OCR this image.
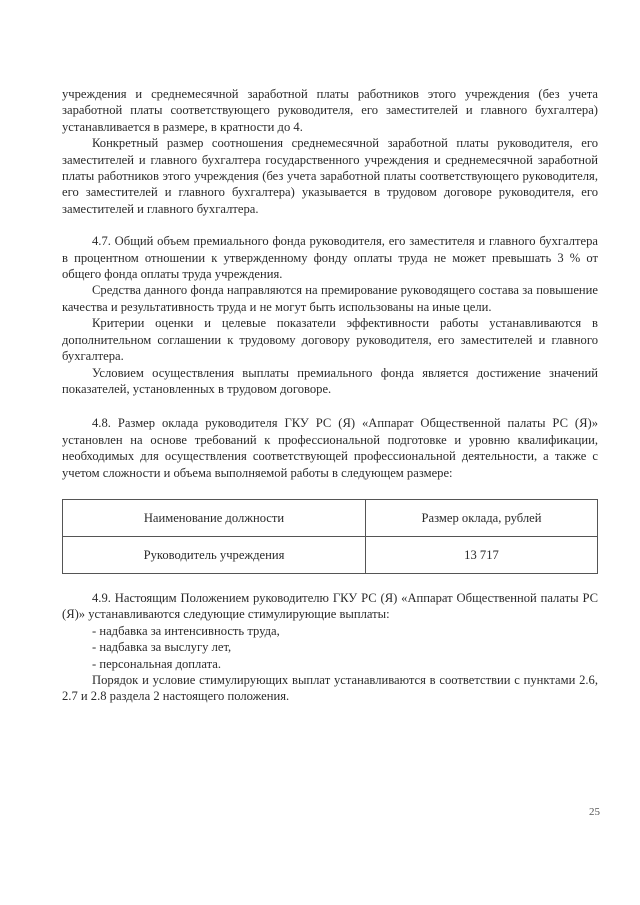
учреждения и среднемесячной заработной платы работников этого учреждения (без учета заработной платы соответствующего руководителя, его заместителей и главного бухгалтера) устанавливается в размере, в кратности до 4.

Конкретный размер соотношения среднемесячной заработной платы руководителя, его заместителей и главного бухгалтера государственного учреждения и среднемесячной заработной платы работников этого учреждения (без учета заработной платы соответствующего руководителя, его заместителей и главного бухгалтера) указывается в трудовом договоре руководителя, его заместителей и главного бухгалтера.

4.7. Общий объем премиального фонда руководителя, его заместителя и главного бухгалтера в процентном отношении к утвержденному фонду оплаты труда не может превышать 3 % от общего фонда оплаты труда учреждения.

Средства данного фонда направляются на премирование руководящего состава за повышение качества и результативность труда и не могут быть использованы на иные цели.

Критерии оценки и целевые показатели эффективности работы устанавливаются в дополнительном соглашении к трудовому договору руководителя, его заместителей и главного бухгалтера.

Условием осуществления выплаты премиального фонда является достижение значений показателей, установленных в трудовом договоре.

4.8. Размер оклада руководителя ГКУ РС (Я) «Аппарат Общественной палаты РС (Я)» установлен на основе требований к профессиональной подготовке и уровню квалификации, необходимых для осуществления соответствующей профессиональной деятельности, а также с учетом сложности и объема выполняемой работы в следующем размере:

Наименование должности	Размер оклада, рублей
Руководитель учреждения	13 717

4.9. Настоящим Положением руководителю ГКУ РС (Я) «Аппарат Общественной палаты РС (Я)» устанавливаются следующие стимулирующие выплаты:

- надбавка за интенсивность труда,
- надбавка за выслугу лет,
- персональная доплата.

Порядок и условие стимулирующих выплат устанавливаются в соответствии с пунктами 2.6, 2.7 и 2.8 раздела 2 настоящего положения.

25
